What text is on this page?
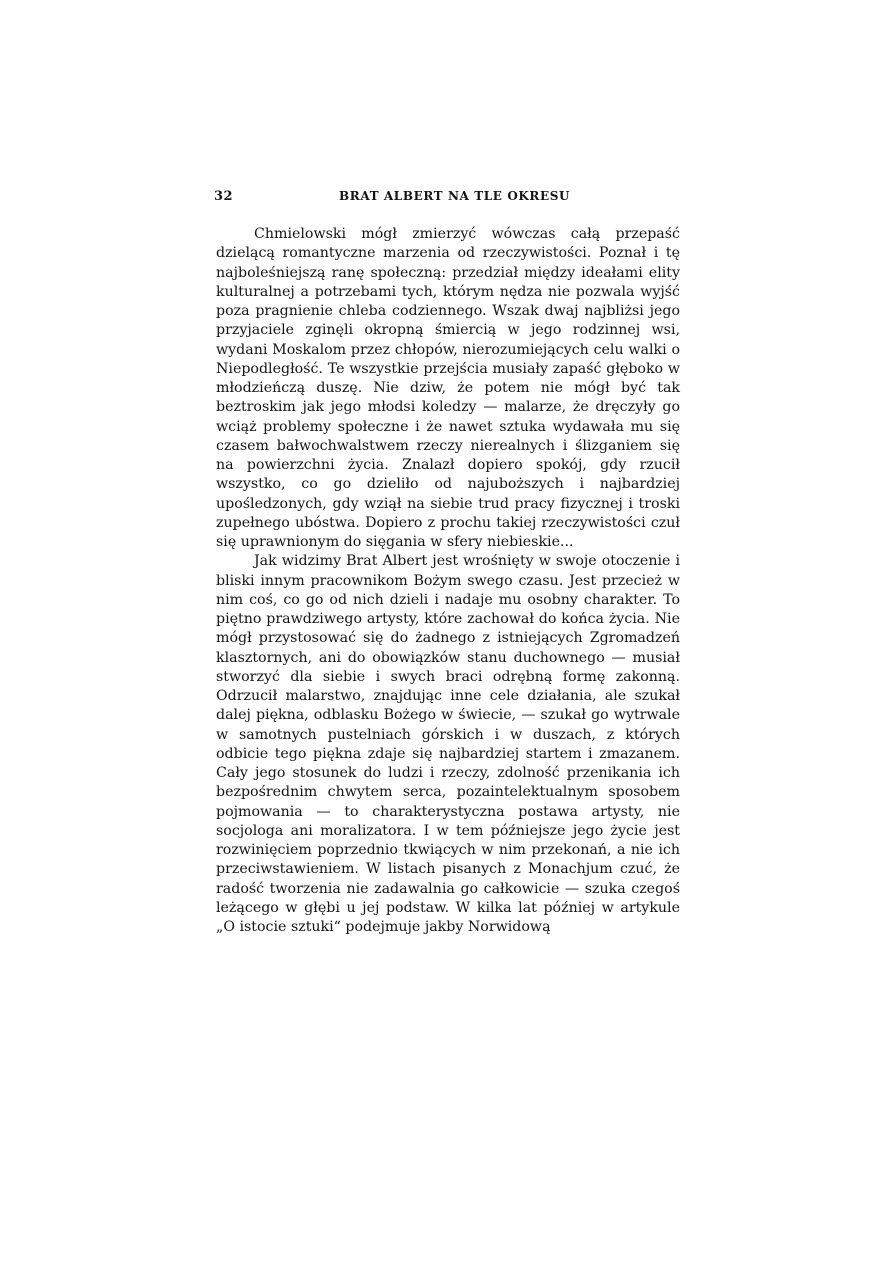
32	BRAT ALBERT NA TLE OKRESU

Chmielowski mógł zmierzyć wówczas całą przepaść dzielącą romantyczne marzenia od rzeczywistości. Poznał i tę najboleśniejszą ranę społeczną: przedział między ideałami elity kulturalnej a potrzebami tych, którym nędza nie pozwala wyjść poza pragnienie chleba codziennego. Wszak dwaj najbliżsi jego przyjaciele zginęli okropną śmiercią w jego rodzinnej wsi, wydani Moskalom przez chłopów, nierozumiejących celu walki o Niepodległość. Te wszystkie przejścia musiały zapaść głęboko w młodzieńczą duszę. Nie dziw, że potem nie mógł być tak beztroskim jak jego młodsi koledzy — malarze, że dręczyły go wciąż problemy społeczne i że nawet sztuka wydawała mu się czasem bałwochwalstwem rzeczy nierealnych i ślizganiem się na powierzchni życia. Znalazł dopiero spokój, gdy rzucił wszystko, co go dzieliło od najuboższych i najbardziej upośledzonych, gdy wziął na siebie trud pracy fizycznej i troski zupełnego ubóstwa. Dopiero z prochu takiej rzeczywistości czuł się uprawnionym do sięgania w sfery niebieskie...

Jak widzimy Brat Albert jest wrośnięty w swoje otoczenie i bliski innym pracownikom Bożym swego czasu. Jest przecież w nim coś, co go od nich dzieli i nadaje mu osobny charakter. To piętno prawdziwego artysty, które zachował do końca życia. Nie mógł przystosować się do żadnego z istniejących Zgromadzeń klasztornych, ani do obowiązków stanu duchownego — musiał stworzyć dla siebie i swych braci odrębną formę zakonną. Odrzucił malarstwo, znajdując inne cele działania, ale szukał dalej piękna, odblasku Bożego w świecie, — szukał go wytrwale w samotnych pustelniach górskich i w duszach, z których odbicie tego piękna zdaje się najbardziej startem i zmazanem. Cały jego stosunek do ludzi i rzeczy, zdolność przenikania ich bezpośrednim chwytem serca, pozaintelektualnym sposobem pojmowania — to charakterystyczna postawa artysty, nie socjologa ani moralizatora. I w tem późniejsze jego życie jest rozwinięciem poprzednio tkwiących w nim przekonań, a nie ich przeciwstawieniem. W listach pisanych z Monachjum czuć, że radość tworzenia nie zadawalnia go całkowicie — szuka czegoś leżącego w głębi u jej podstaw. W kilka lat później w artykule „O istocie sztuki“ podejmuje jakby Norwidową
